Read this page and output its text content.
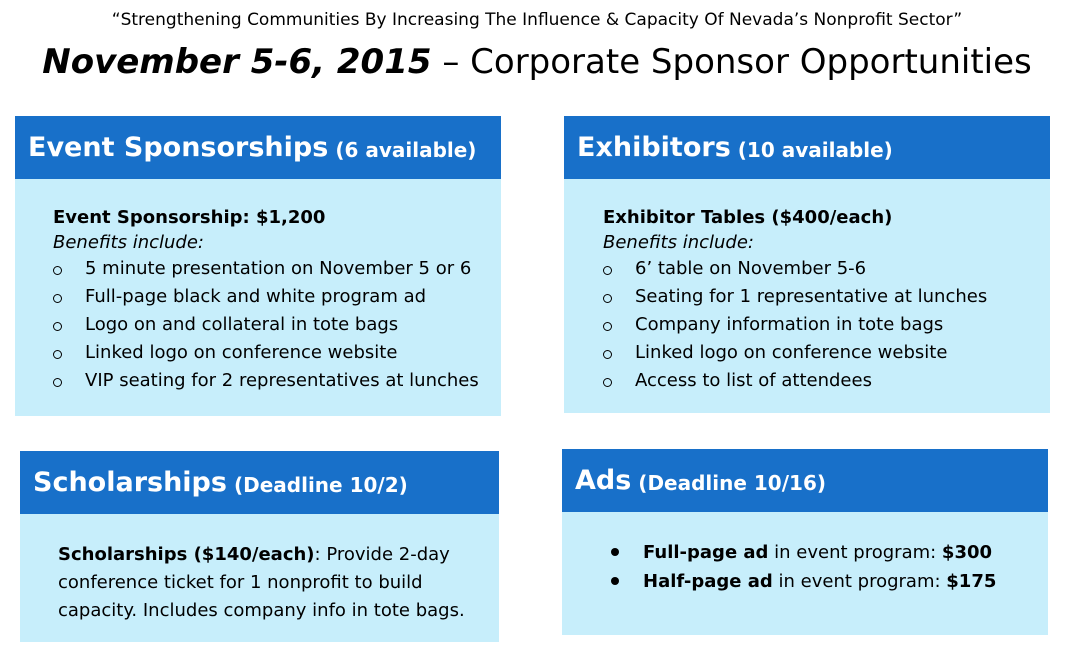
“Strengthening Communities By Increasing The Influence & Capacity Of Nevada’s Nonprofit Sector”
November 5-6, 2015 – Corporate Sponsor Opportunities
Event Sponsorships (6 available)
Event Sponsorship: $1,200
Benefits include:
5 minute presentation on November 5 or 6
Full-page black and white program ad
Logo on and collateral in tote bags
Linked logo on conference website
VIP seating for 2 representatives at lunches
Exhibitors (10 available)
Exhibitor Tables ($400/each)
Benefits include:
6’ table on November 5-6
Seating for 1 representative at lunches
Company information in tote bags
Linked logo on conference website
Access to list of attendees
Scholarships (Deadline 10/2)
Scholarships ($140/each): Provide 2-day
conference ticket for 1 nonprofit to build
capacity. Includes company info in tote bags.
Ads (Deadline 10/16)
Full-page ad in event program: $300
Half-page ad in event program: $175
